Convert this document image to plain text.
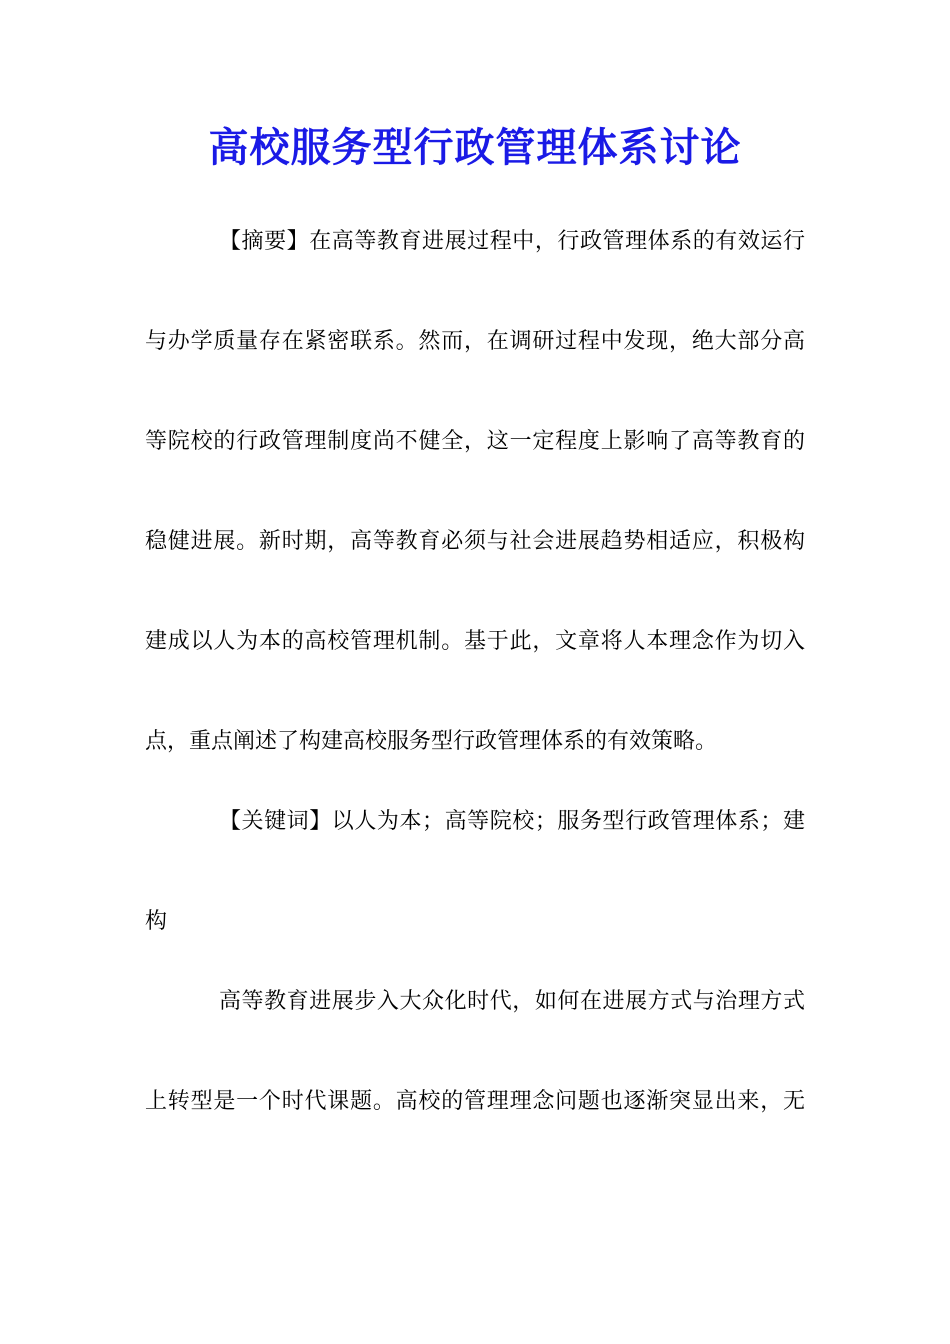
高校服务型行政管理体系讨论
【摘要】在高等教育进展过程中，行政管理体系的有效运行
与办学质量存在紧密联系。然而，在调研过程中发现，绝大部分高
等院校的行政管理制度尚不健全，这一定程度上影响了高等教育的
稳健进展。新时期，高等教育必须与社会进展趋势相适应，积极构
建成以人为本的高校管理机制。基于此，文章将人本理念作为切入
点，重点阐述了构建高校服务型行政管理体系的有效策略。
【关键词】以人为本；高等院校；服务型行政管理体系；建
构
高等教育进展步入大众化时代，如何在进展方式与治理方式
上转型是一个时代课题。高校的管理理念问题也逐渐突显出来，无
